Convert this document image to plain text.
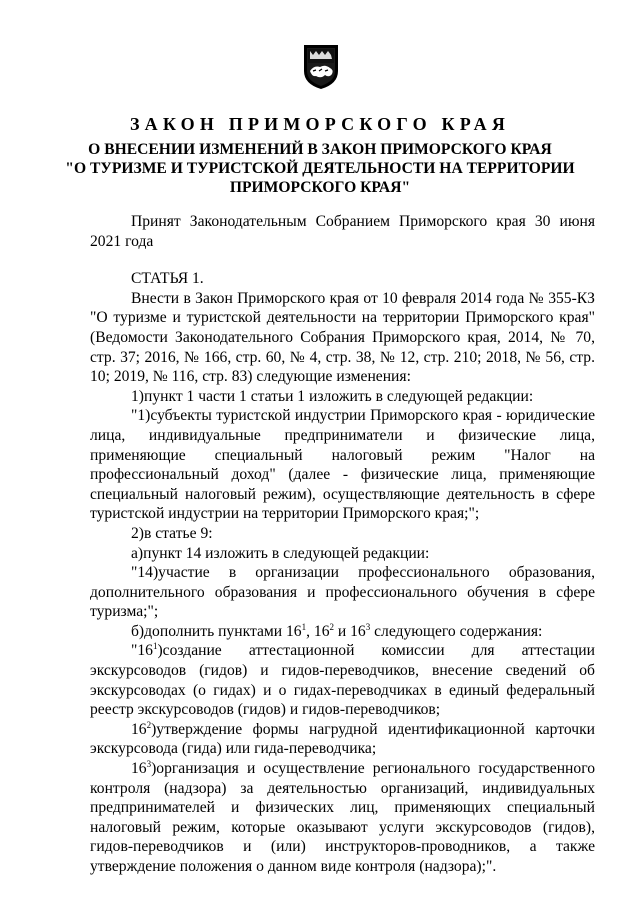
ЗАКОН ПРИМОРСКОГО КРАЯ
О ВНЕСЕНИИ ИЗМЕНЕНИЙ В ЗАКОН ПРИМОРСКОГО КРАЯ
"О ТУРИЗМЕ И ТУРИСТСКОЙ ДЕЯТЕЛЬНОСТИ НА ТЕРРИТОРИИ
ПРИМОРСКОГО КРАЯ"

Принят Законодательным Собранием Приморского края 30 июня 2021 года

СТАТЬЯ 1.

Внести в Закон Приморского края от 10 февраля 2014 года № 355-КЗ "О туризме и туристской деятельности на территории Приморского края" (Ведомости Законодательного Собрания Приморского края, 2014, № 70, стр. 37; 2016, № 166, стр. 60, № 4, стр. 38, № 12, стр. 210; 2018, № 56, стр. 10; 2019, № 116, стр. 83) следующие изменения:

1)пункт 1 части 1 статьи 1 изложить в следующей редакции:

"1)субъекты туристской индустрии Приморского края - юридические лица, индивидуальные предприниматели и физические лица, применяющие специальный налоговый режим "Налог на профессиональный доход" (далее - физические лица, применяющие специальный налоговый режим), осуществляющие деятельность в сфере туристской индустрии на территории Приморского края;";

2)в статье 9:

а)пункт 14 изложить в следующей редакции:

"14)участие в организации профессионального образования, дополнительного образования и профессионального обучения в сфере туризма;";

б)дополнить пунктами $16^1$, $16^2$ и $16^3$ следующего содержания:

"$16^1)создание$ аттестационной комиссии для аттестации экскурсоводов (гидов) и гидов-переводчиков, внесение сведений об экскурсоводах (о гидах) и о гидах-переводчиках в единый федеральный реестр экскурсоводов (гидов) и гидов-переводчиков;

$16^2)утверждение$ формы нагрудной идентификационной карточки экскурсовода (гида) или гида-переводчика;

$16^3)организация$ и осуществление регионального государственного контроля (надзора) за деятельностью организаций, индивидуальных предпринимателей и физических лиц, применяющих специальный налоговый режим, которые оказывают услуги экскурсоводов (гидов), гидов-переводчиков и (или) инструкторов-проводников, а также утверждение положения о данном виде контроля (надзора);".
